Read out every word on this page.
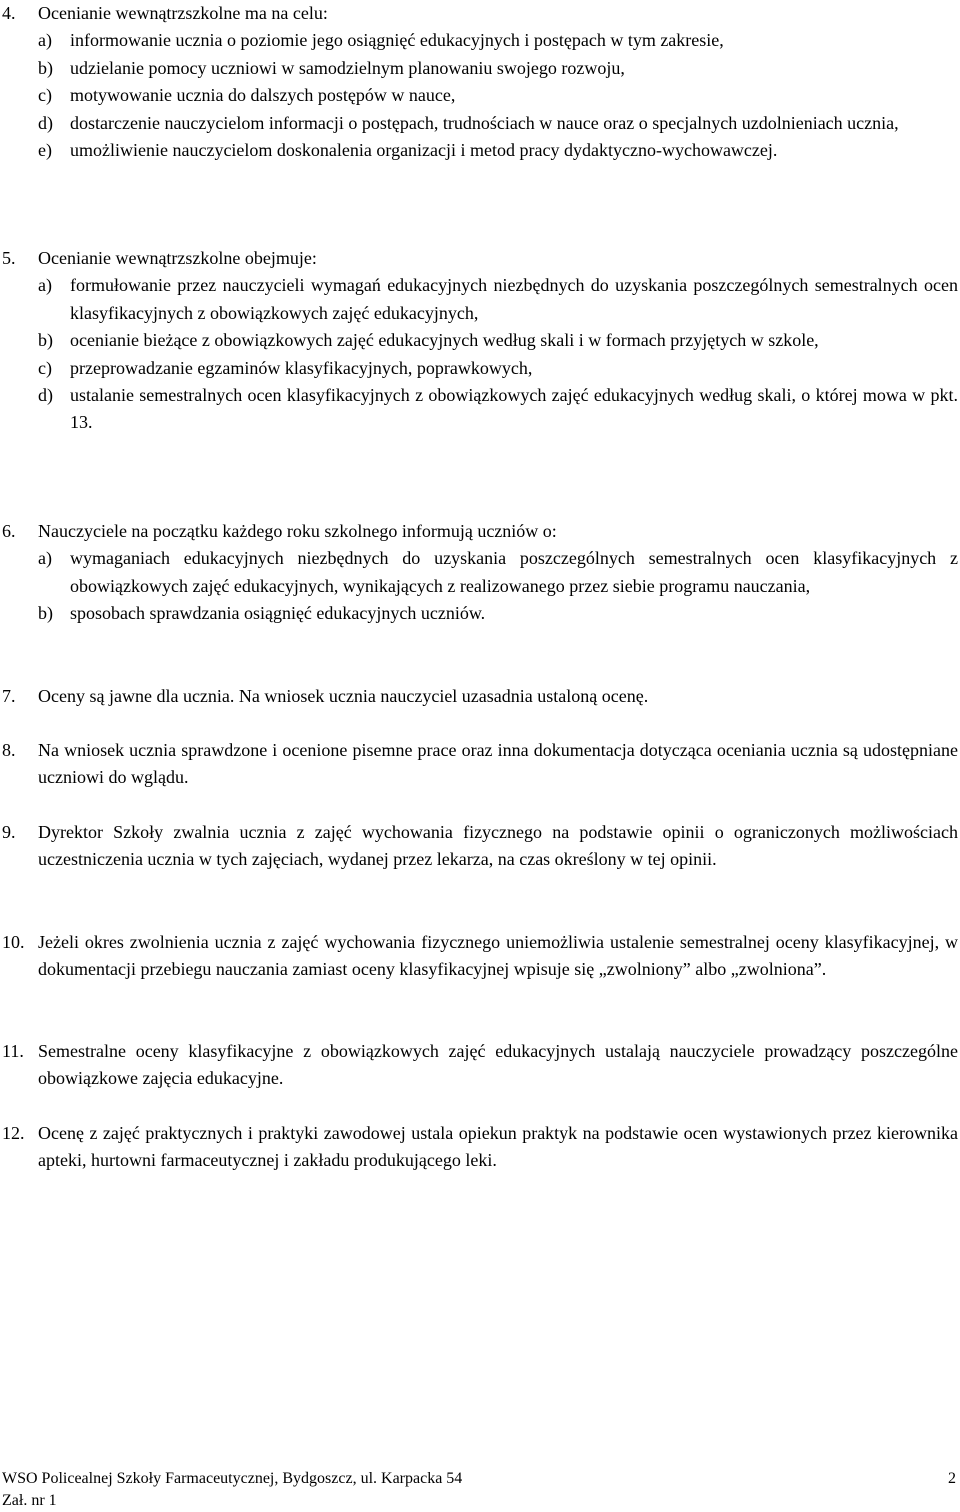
4. Ocenianie wewnątrzszkolne ma na celu:
a) informowanie ucznia o poziomie jego osiągnięć edukacyjnych i postępach w tym zakresie,
b) udzielanie pomocy uczniowi w samodzielnym planowaniu swojego rozwoju,
c) motywowanie ucznia do dalszych postępów w nauce,
d) dostarczenie nauczycielom informacji o postępach, trudnościach w nauce oraz o specjalnych uzdolnieniach ucznia,
e) umożliwienie nauczycielom doskonalenia organizacji i metod pracy dydaktyczno-wychowawczej.
5. Ocenianie wewnątrzszkolne obejmuje:
a) formułowanie przez nauczycieli wymagań edukacyjnych niezbędnych do uzyskania poszczególnych semestralnych ocen klasyfikacyjnych z obowiązkowych zajęć edukacyjnych,
b) ocenianie bieżące z obowiązkowych zajęć edukacyjnych według skali i w formach przyjętych w szkole,
c) przeprowadzanie egzaminów klasyfikacyjnych, poprawkowych,
d) ustalanie semestralnych ocen klasyfikacyjnych z obowiązkowych zajęć edukacyjnych według skali, o której mowa w pkt. 13.
6. Nauczyciele na początku każdego roku szkolnego informują uczniów o:
a) wymaganiach edukacyjnych niezbędnych do uzyskania poszczególnych semestralnych ocen klasyfikacyjnych z obowiązkowych zajęć edukacyjnych, wynikających z realizowanego przez siebie programu nauczania,
b) sposobach sprawdzania osiągnięć edukacyjnych uczniów.
7. Oceny są jawne dla ucznia. Na wniosek ucznia nauczyciel uzasadnia ustaloną ocenę.
8. Na wniosek ucznia sprawdzone i ocenione pisemne prace oraz inna dokumentacja dotycząca oceniania ucznia są udostępniane uczniowi do wglądu.
9. Dyrektor Szkoły zwalnia ucznia z zajęć wychowania fizycznego na podstawie opinii o ograniczonych możliwościach uczestniczenia ucznia w tych zajęciach, wydanej przez lekarza, na czas określony w tej opinii.
10. Jeżeli okres zwolnienia ucznia z zajęć wychowania fizycznego uniemożliwia ustalenie semestralnej oceny klasyfikacyjnej, w dokumentacji przebiegu nauczania zamiast oceny klasyfikacyjnej wpisuje się „zwolniony” albo „zwolniona”.
11. Semestralne oceny klasyfikacyjne z obowiązkowych zajęć edukacyjnych ustalają nauczyciele prowadzący poszczególne obowiązkowe zajęcia edukacyjne.
12. Ocenę z zajęć praktycznych i praktyki zawodowej ustala opiekun praktyk na podstawie ocen wystawionych przez kierownika apteki, hurtowni farmaceutycznej i zakładu produkującego leki.
WSO Policealnej Szkoły Farmaceutycznej, Bydgoszcz, ul. Karpacka 54
Zał. nr 1
2
